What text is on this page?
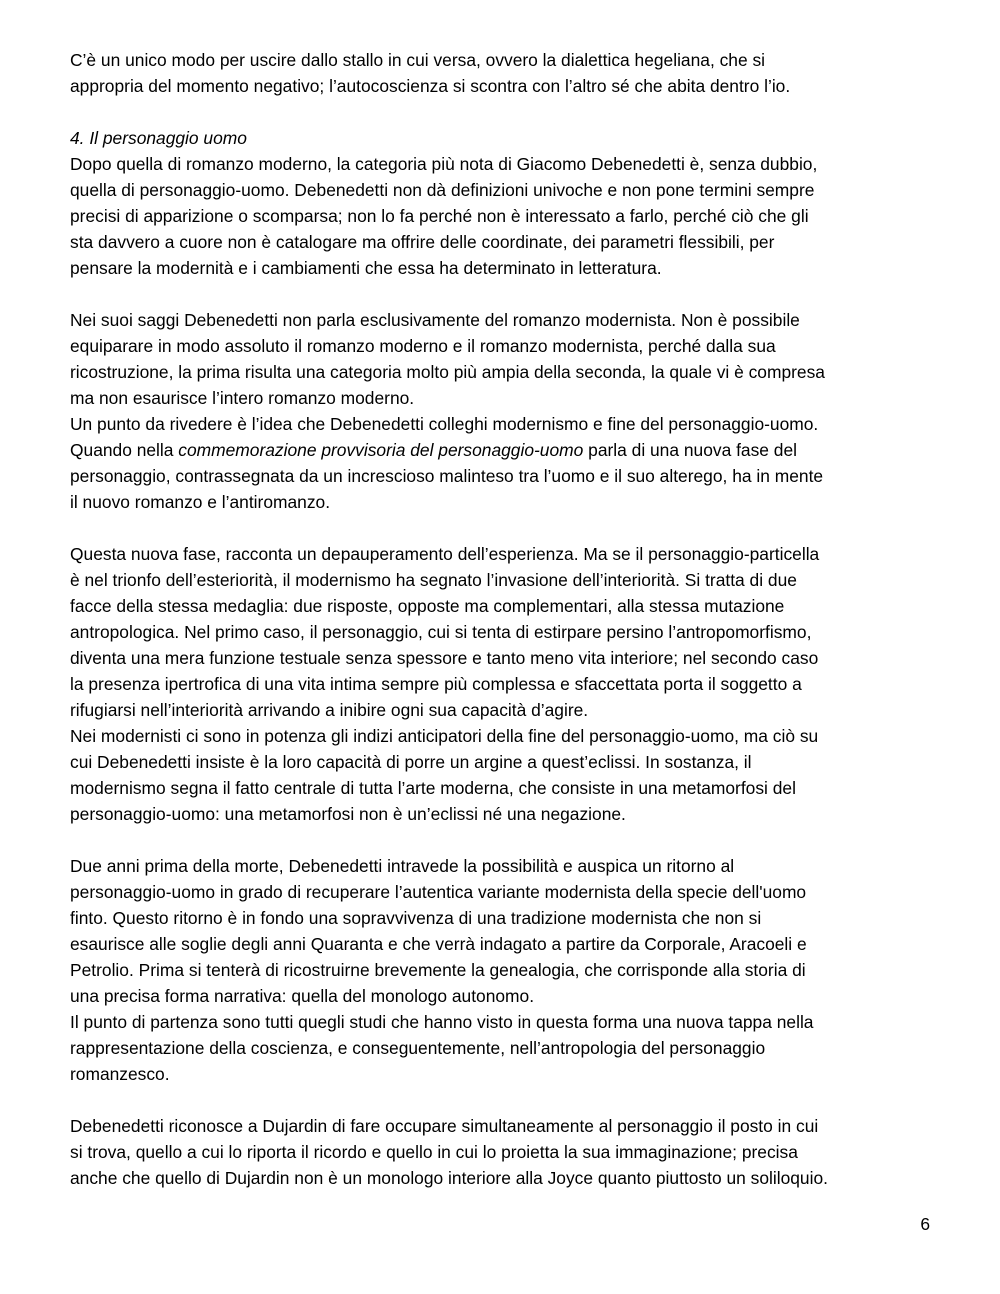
C’è un unico modo per uscire dallo stallo in cui versa, ovvero la dialettica hegeliana, che si
appropria del momento negativo; l’autocoscienza si scontra con l’altro sé che abita dentro l’io.

4. Il personaggio uomo

Dopo quella di romanzo moderno, la categoria più nota di Giacomo Debenedetti è, senza dubbio,
quella di personaggio-uomo. Debenedetti non dà definizioni univoche e non pone termini sempre
precisi di apparizione o scomparsa; non lo fa perché non è interessato a farlo, perché ciò che gli
sta davvero a cuore non è catalogare ma offrire delle coordinate, dei parametri flessibili, per
pensare la modernità e i cambiamenti che essa ha determinato in letteratura.

Nei suoi saggi Debenedetti non parla esclusivamente del romanzo modernista. Non è possibile
equiparare in modo assoluto il romanzo moderno e il romanzo modernista, perché dalla sua
ricostruzione, la prima risulta una categoria molto più ampia della seconda, la quale vi è compresa
ma non esaurisce l’intero romanzo moderno.

Un punto da rivedere è l’idea che Debenedetti colleghi modernismo e fine del personaggio-uomo.
Quando nella commemorazione provvisoria del personaggio-uomo parla di una nuova fase del
personaggio, contrassegnata da un increscioso malinteso tra l’uomo e il suo alterego, ha in mente
il nuovo romanzo e l’antiromanzo.

Questa nuova fase, racconta un depauperamento dell’esperienza. Ma se il personaggio-particella
è nel trionfo dell’esteriorità, il modernismo ha segnato l’invasione dell’interiorità. Si tratta di due
facce della stessa medaglia: due risposte, opposte ma complementari, alla stessa mutazione
antropologica. Nel primo caso, il personaggio, cui si tenta di estirpare persino l’antropomorfismo,
diventa una mera funzione testuale senza spessore e tanto meno vita interiore; nel secondo caso
la presenza ipertrofica di una vita intima sempre più complessa e sfaccettata porta il soggetto a
rifugiarsi nell’interiorità arrivando a inibire ogni sua capacità d’agire.

Nei modernisti ci sono in potenza gli indizi anticipatori della fine del personaggio-uomo, ma ciò su
cui Debenedetti insiste è la loro capacità di porre un argine a quest’eclissi. In sostanza, il
modernismo segna il fatto centrale di tutta l’arte moderna, che consiste in una metamorfosi del
personaggio-uomo: una metamorfosi non è un’eclissi né una negazione.

Due anni prima della morte, Debenedetti intravede la possibilità e auspica un ritorno al
personaggio-uomo in grado di recuperare l’autentica variante modernista della specie dell'uomo
finto. Questo ritorno è in fondo una sopravvivenza di una tradizione modernista che non si
esaurisce alle soglie degli anni Quaranta e che verrà indagato a partire da Corporale, Aracoeli e
Petrolio. Prima si tenterà di ricostruirne brevemente la genealogia, che corrisponde alla storia di
una precisa forma narrativa: quella del monologo autonomo.

Il punto di partenza sono tutti quegli studi che hanno visto in questa forma una nuova tappa nella
rappresentazione della coscienza, e conseguentemente, nell’antropologia del personaggio
romanzesco.

Debenedetti riconosce a Dujardin di fare occupare simultaneamente al personaggio il posto in cui
si trova, quello a cui lo riporta il ricordo e quello in cui lo proietta la sua immaginazione; precisa
anche che quello di Dujardin non è un monologo interiore alla Joyce quanto piuttosto un soliloquio.

6
